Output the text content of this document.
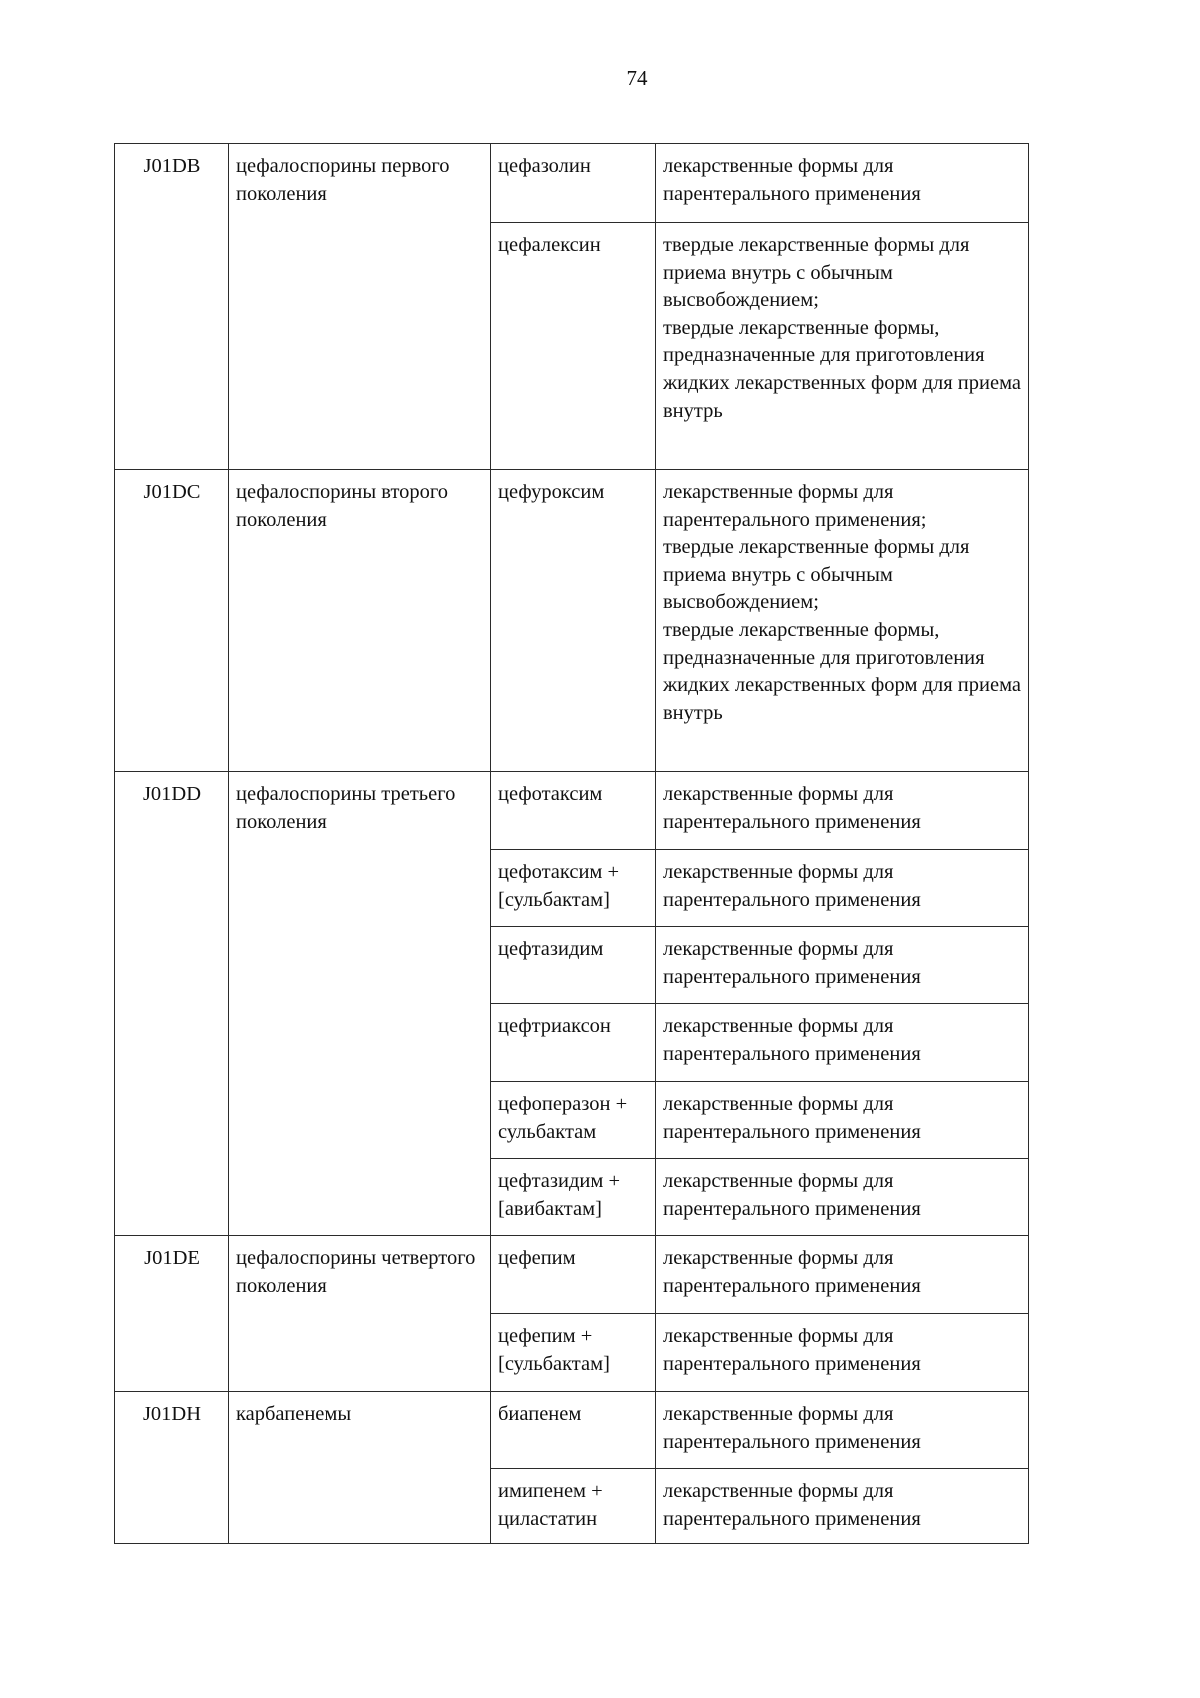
74
J01DB	цефалоспорины первого поколения	цефазолин	лекарственные формы для парентерального применения
		цефалексин	твердые лекарственные формы для приема внутрь с обычным высвобождением;
твердые лекарственные формы, предназначенные для приготовления жидких лекарственных форм для приема внутрь
J01DC	цефалоспорины второго поколения	цефуроксим	лекарственные формы для парентерального применения;
твердые лекарственные формы для приема внутрь с обычным высвобождением;
твердые лекарственные формы, предназначенные для приготовления жидких лекарственных форм для приема внутрь
J01DD	цефалоспорины третьего поколения	цефотаксим	лекарственные формы для парентерального применения
		цефотаксим + [сульбактам]	лекарственные формы для парентерального применения
		цефтазидим	лекарственные формы для парентерального применения
		цефтриаксон	лекарственные формы для парентерального применения
		цефоперазон + сульбактам	лекарственные формы для парентерального применения
		цефтазидим + [авибактам]	лекарственные формы для парентерального применения
J01DE	цефалоспорины четвертого поколения	цефепим	лекарственные формы для парентерального применения
		цефепим + [сульбактам]	лекарственные формы для парентерального применения
J01DH	карбапенемы	биапенем	лекарственные формы для парентерального применения
		имипенем + циластатин	лекарственные формы для парентерального применения
